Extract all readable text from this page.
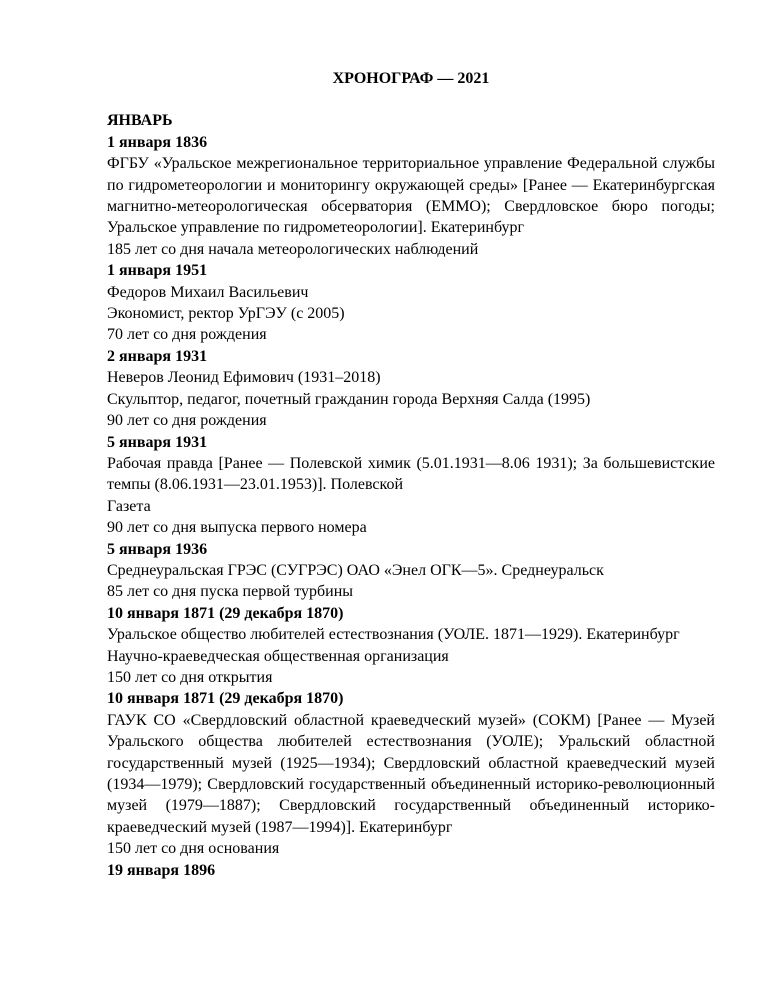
ХРОНОГРАФ — 2021
ЯНВАРЬ
1 января 1836
ФГБУ «Уральское межрегиональное территориальное управление Федеральной службы по гидрометеорологии и мониторингу окружающей среды» [Ранее — Екатеринбургская магнитно-метеорологическая обсерватория (ЕММО); Свердловское бюро погоды; Уральское управление по гидрометеорологии]. Екатеринбург
185 лет со дня начала метеорологических наблюдений
1 января 1951
Федоров Михаил Васильевич
Экономист, ректор УрГЭУ (с 2005)
70 лет со дня рождения
2 января 1931
Неверов Леонид Ефимович (1931–2018)
Скульптор, педагог, почетный гражданин города Верхняя Салда (1995)
90 лет со дня рождения
5 января 1931
Рабочая правда [Ранее — Полевской химик (5.01.1931—8.06 1931); За большевистские темпы (8.06.1931—23.01.1953)]. Полевской
Газета
90 лет со дня выпуска первого номера
5 января 1936
Среднеуральская ГРЭС (СУГРЭС) ОАО «Энел ОГК—5». Среднеуральск
85 лет со дня пуска первой турбины
10 января 1871 (29 декабря 1870)
Уральское общество любителей естествознания (УОЛЕ. 1871—1929). Екатеринбург
Научно-краеведческая общественная организация
150 лет со дня открытия
10 января 1871 (29 декабря 1870)
ГАУК СО «Свердловский областной краеведческий музей» (СОКМ) [Ранее — Музей Уральского общества любителей естествознания (УОЛЕ); Уральский областной государственный музей (1925—1934); Свердловский областной краеведческий музей (1934—1979); Свердловский государственный объединенный историко-революционный музей (1979—1887); Свердловский государственный объединенный историко-краеведческий музей (1987—1994)]. Екатеринбург
150 лет со дня основания
19 января 1896
